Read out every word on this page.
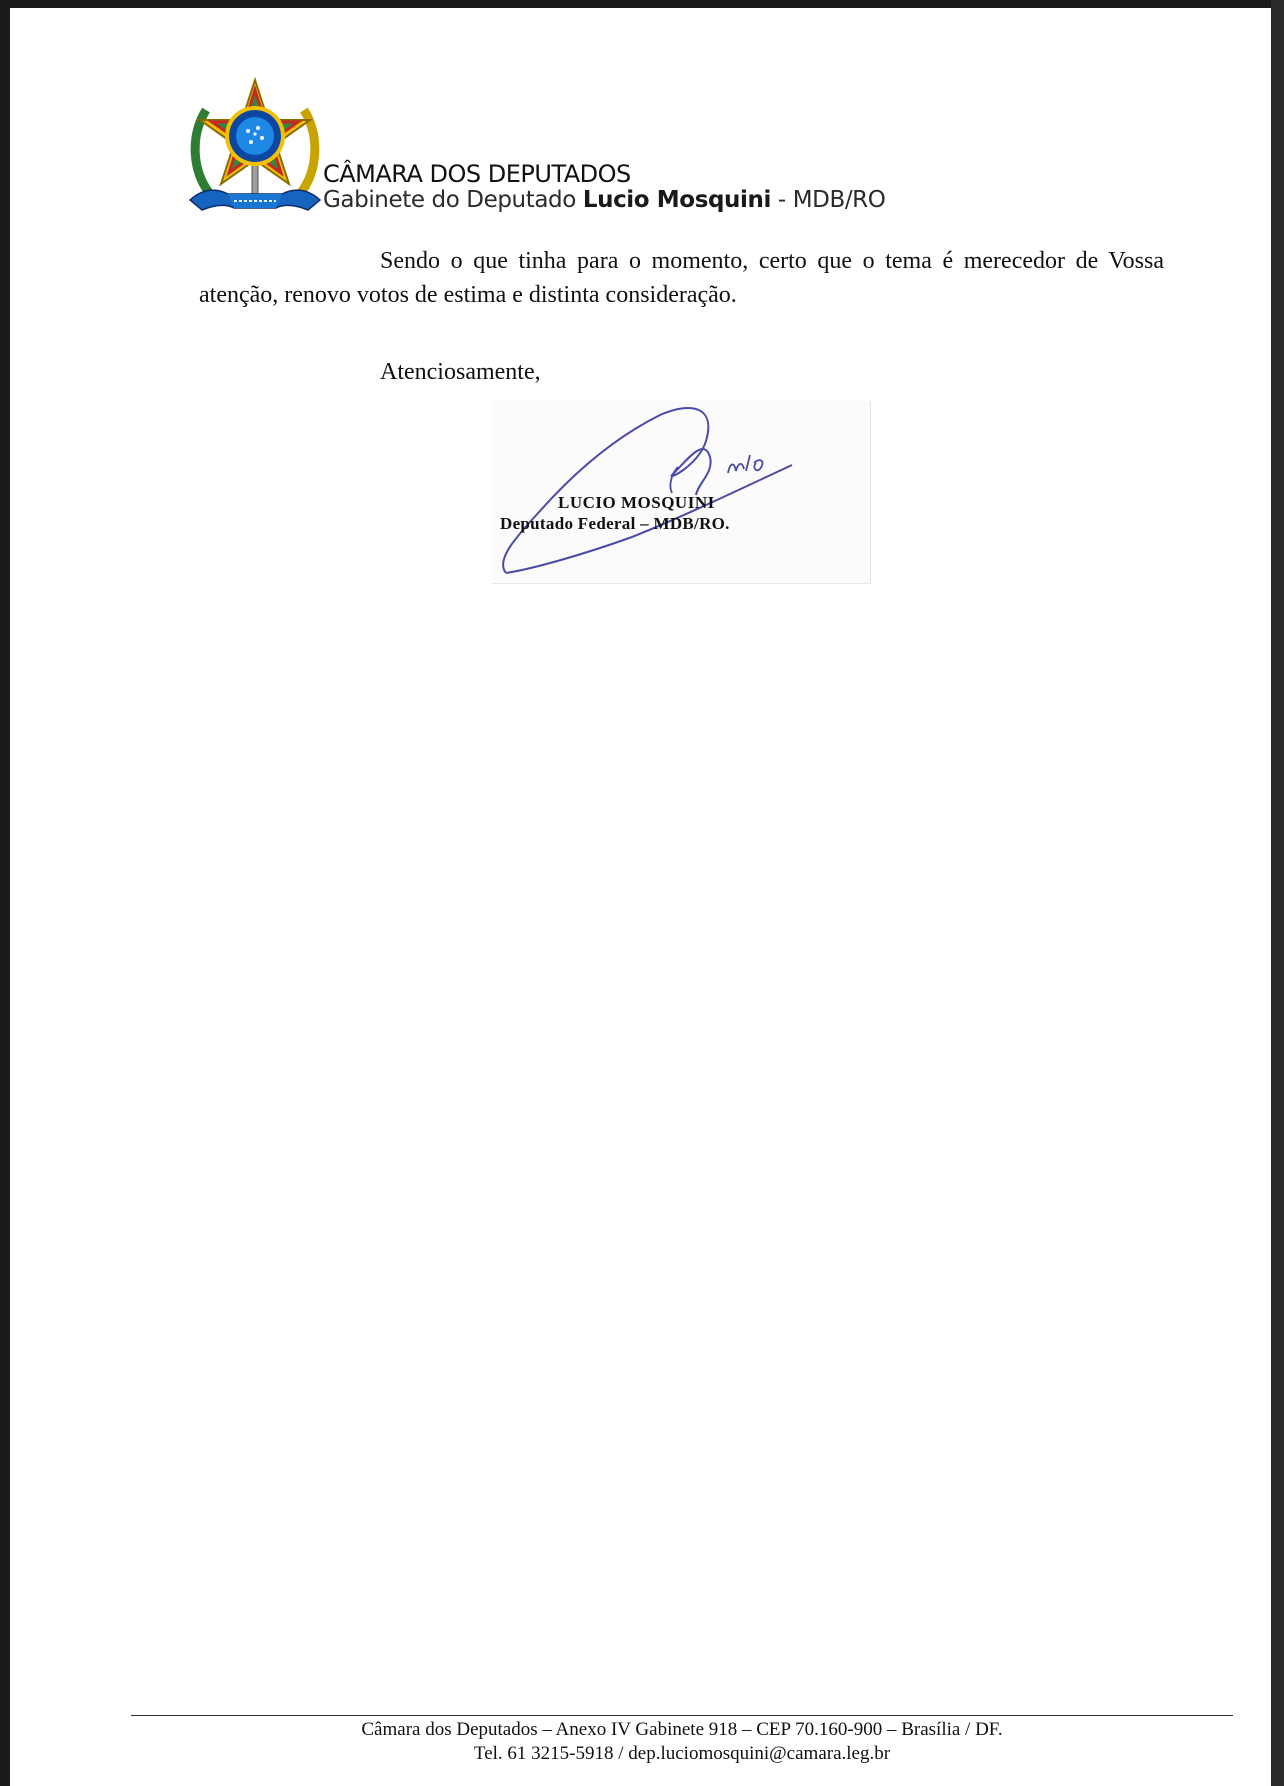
CÂMARA DOS DEPUTADOS
Gabinete do Deputado Lucio Mosquini - MDB/RO
Sendo o que tinha para o momento, certo que o tema é merecedor de Vossa atenção, renovo votos de estima e distinta consideração.
Atenciosamente,
LUCIO MOSQUINI
Deputado Federal – MDB/RO.
Câmara dos Deputados – Anexo IV Gabinete 918 – CEP 70.160-900 – Brasília / DF.
Tel. 61 3215-5918 / dep.luciomosquini@camara.leg.br
